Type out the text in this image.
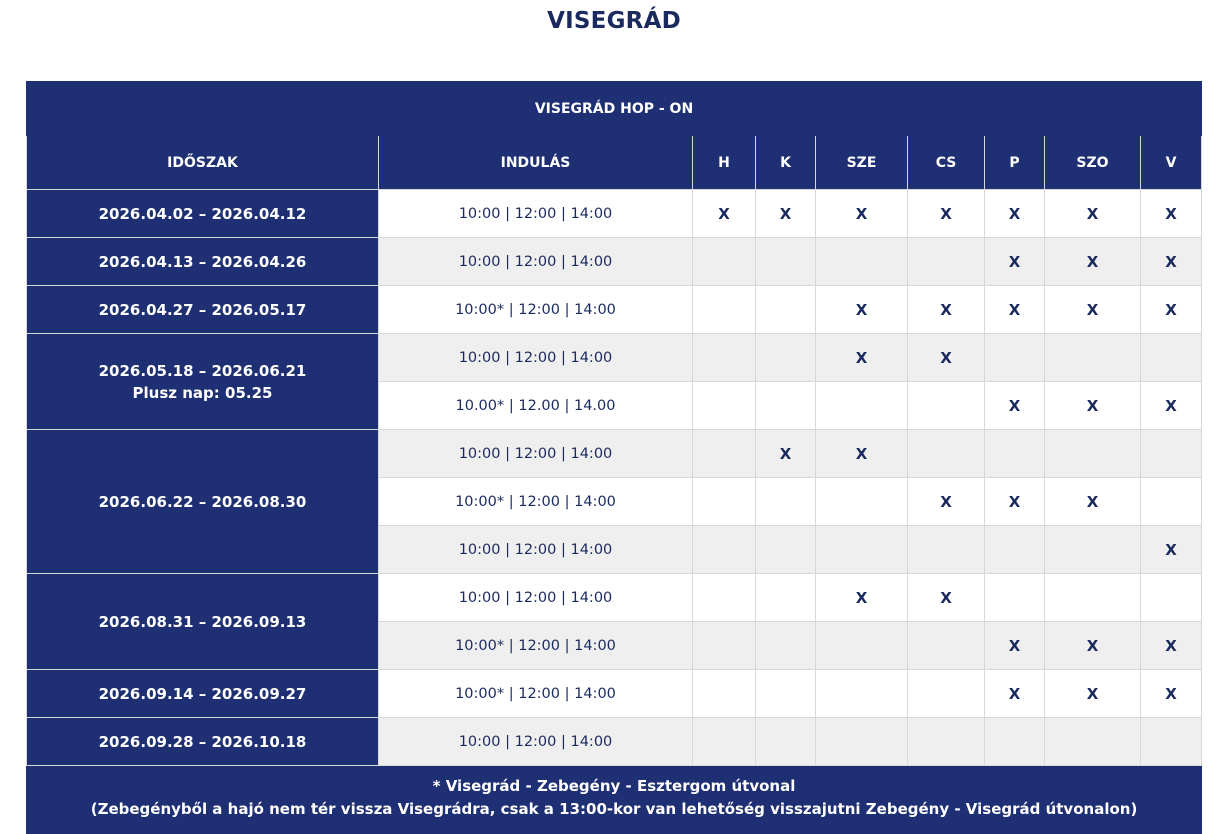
VISEGRÁD
VISEGRÁD HOP - ON								
IDŐSZAK	INDULÁS	H	K	SZE	CS	P	SZO	V
2026.04.02 – 2026.04.12	10:00 | 12:00 | 14:00	X	X	X	X	X	X	X
2026.04.13 – 2026.04.26	10:00 | 12:00 | 14:00					X	X	X
2026.04.27 – 2026.05.17	10:00* | 12:00 | 14:00			X	X	X	X	X
2026.05.18 – 2026.06.21
Plusz nap: 05.25	10:00 | 12:00 | 14:00			X	X			
	10.00* | 12.00 | 14.00					X	X	X
2026.06.22 – 2026.08.30	10:00 | 12:00 | 14:00		X	X				
	10:00* | 12:00 | 14:00				X	X	X	
	10:00 | 12:00 | 14:00							X
2026.08.31 – 2026.09.13	10:00 | 12:00 | 14:00			X	X			
	10:00* | 12:00 | 14:00					X	X	X
2026.09.14 – 2026.09.27	10:00* | 12:00 | 14:00					X	X	X
2026.09.28 – 2026.10.18	10:00 | 12:00 | 14:00							

* Visegrád - Zebegény - Esztergom útvonal
(Zebegényből a hajó nem tér vissza Visegrádra, csak a 13:00-kor van lehetőség visszajutni Zebegény - Visegrád útvonalon)								
